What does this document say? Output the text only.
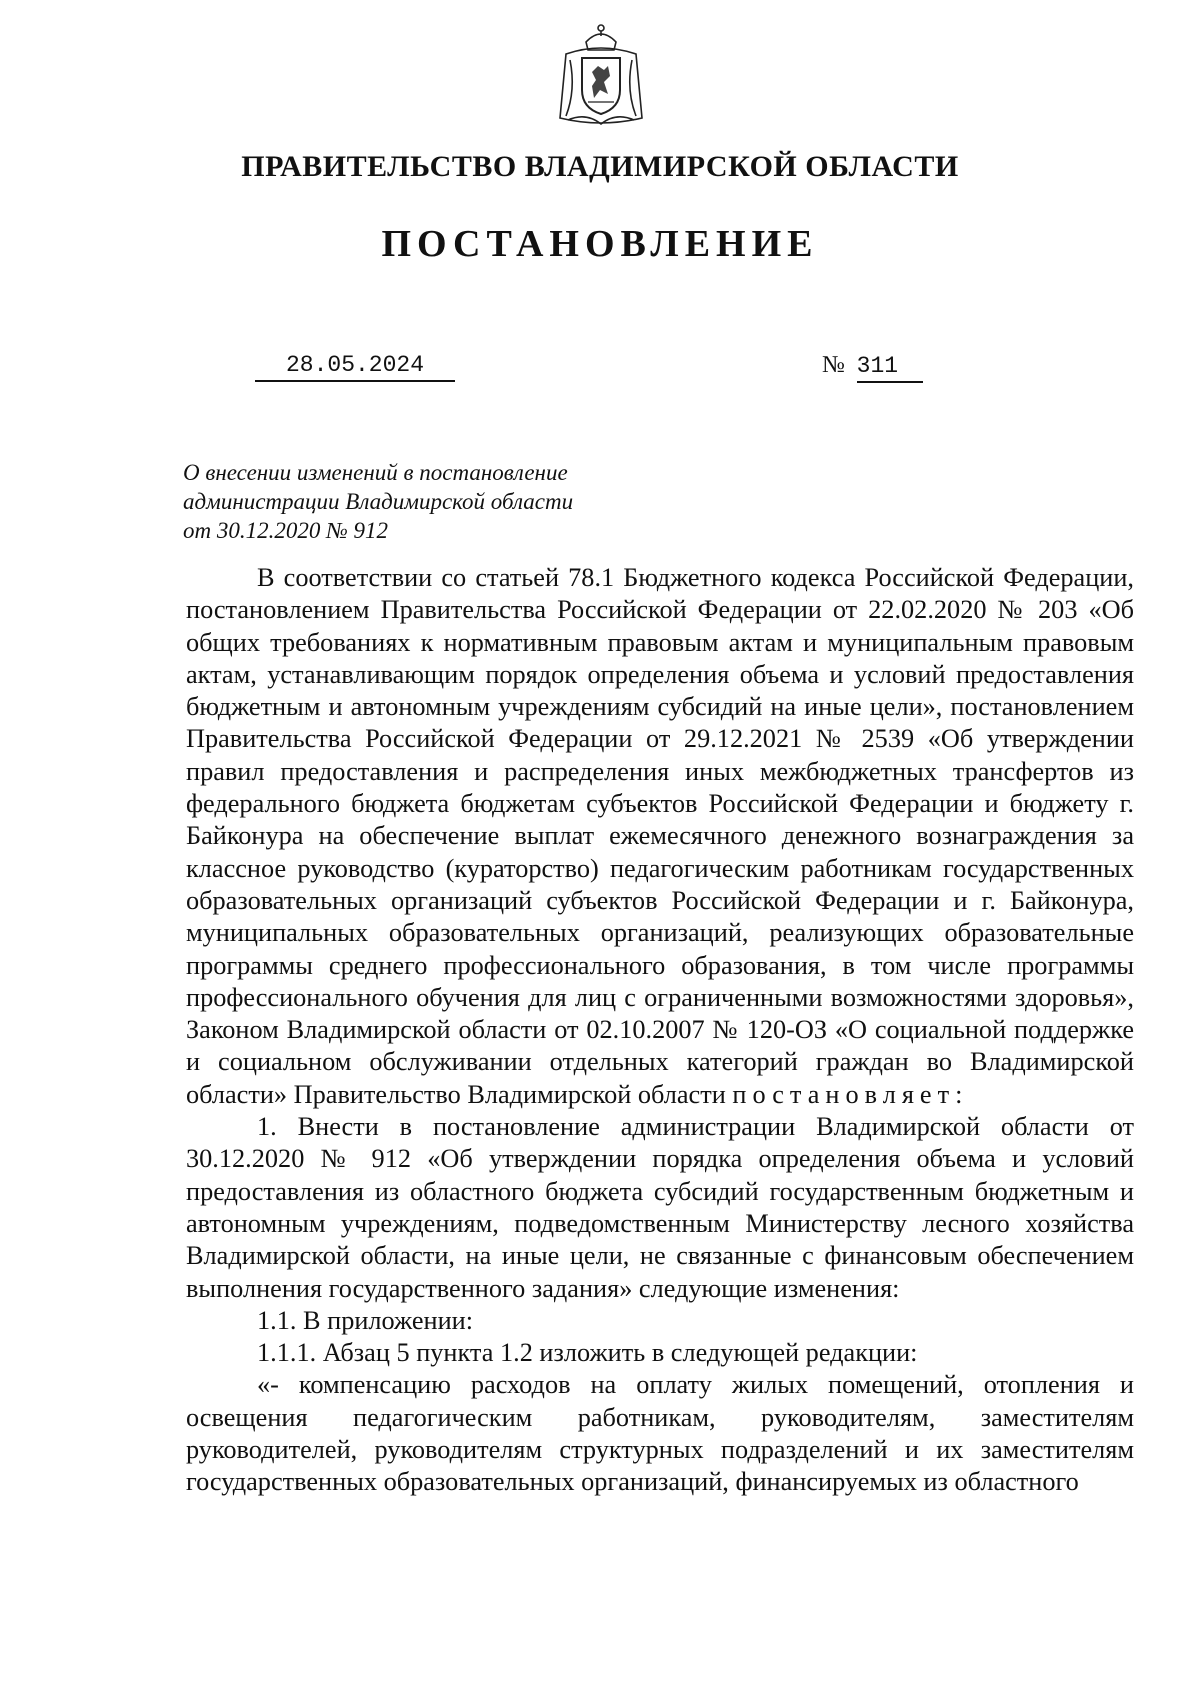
ПРАВИТЕЛЬСТВО ВЛАДИМИРСКОЙ ОБЛАСТИ
ПОСТАНОВЛЕНИЕ
28.05.2024	№ 311
О внесении изменений в постановление
администрации Владимирской области
от 30.12.2020 № 912

В соответствии со статьей 78.1 Бюджетного кодекса Российской Федерации, постановлением Правительства Российской Федерации от 22.02.2020 № 203 «Об общих требованиях к нормативным правовым актам и муниципальным правовым актам, устанавливающим порядок определения объема и условий предоставления бюджетным и автономным учреждениям субсидий на иные цели», постановлением Правительства Российской Федерации от 29.12.2021 № 2539 «Об утверждении правил предоставления и распределения иных межбюджетных трансфертов из федерального бюджета бюджетам субъектов Российской Федерации и бюджету г. Байконура на обеспечение выплат ежемесячного денежного вознаграждения за классное руководство (кураторство) педагогическим работникам государственных образовательных организаций субъектов Российской Федерации и г. Байконура, муниципальных образовательных организаций, реализующих образовательные программы среднего профессионального образования, в том числе программы профессионального обучения для лиц с ограниченными возможностями здоровья», Законом Владимирской области от 02.10.2007 № 120-ОЗ «О социальной поддержке и социальном обслуживании отдельных категорий граждан во Владимирской области» Правительство Владимирской области постановляет:

1. Внести в постановление администрации Владимирской области от 30.12.2020 № 912 «Об утверждении порядка определения объема и условий предоставления из областного бюджета субсидий государственным бюджетным и автономным учреждениям, подведомственным Министерству лесного хозяйства Владимирской области, на иные цели, не связанные с финансовым обеспечением выполнения государственного задания» следующие изменения:

1.1. В приложении:

1.1.1. Абзац 5 пункта 1.2 изложить в следующей редакции:

«- компенсацию расходов на оплату жилых помещений, отопления и освещения педагогическим работникам, руководителям, заместителям руководителей, руководителям структурных подразделений и их заместителям государственных образовательных организаций, финансируемых из областного
